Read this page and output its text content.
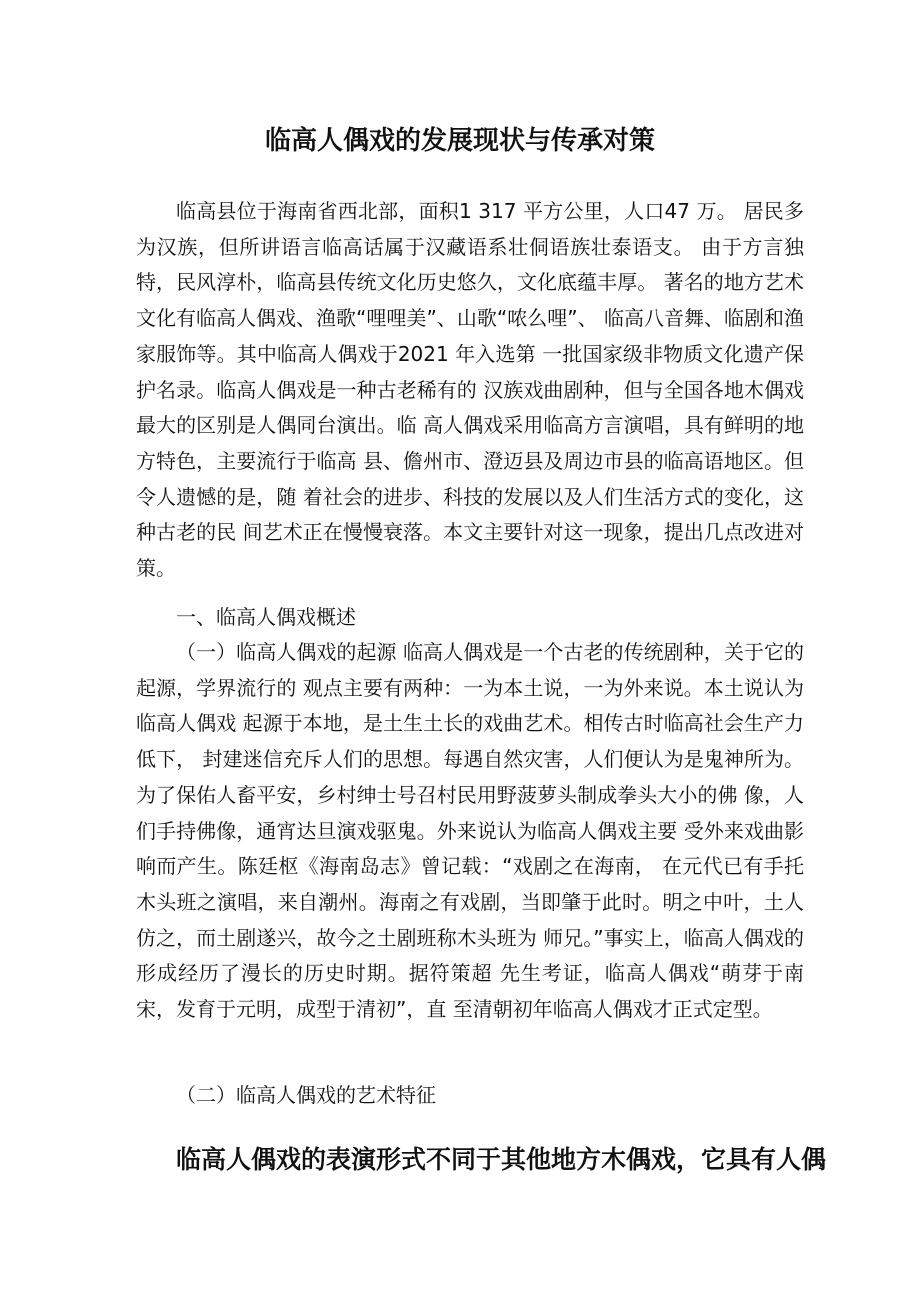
临高人偶戏的发展现状与传承对策

临高县位于海南省西北部，面积1 317 平方公里，人口47 万。 居民多为汉族，但所讲语言临高话属于汉藏语系壮侗语族壮泰语支。 由于方言独特，民风淳朴，临高县传统文化历史悠久，文化底蕴丰厚。 著名的地方艺术文化有临高人偶戏、渔歌“哩哩美”、山歌“哝么哩”、 临高八音舞、临剧和渔家服饰等。其中临高人偶戏于2021 年入选第 一批国家级非物质文化遗产保护名录。临高人偶戏是一种古老稀有的 汉族戏曲剧种，但与全国各地木偶戏最大的区别是人偶同台演出。临 高人偶戏采用临高方言演唱，具有鲜明的地方特色，主要流行于临高 县、儋州市、澄迈县及周边市县的临高语地区。但令人遗憾的是，随 着社会的进步、科技的发展以及人们生活方式的变化，这种古老的民 间艺术正在慢慢衰落。本文主要针对这一现象，提出几点改进对策。

一、临高人偶戏概述

（一）临高人偶戏的起源 临高人偶戏是一个古老的传统剧种，关于它的起源，学界流行的 观点主要有两种：一为本土说，一为外来说。本土说认为临高人偶戏 起源于本地，是土生土长的戏曲艺术。相传古时临高社会生产力低下， 封建迷信充斥人们的思想。每遇自然灾害，人们便认为是鬼神所为。 为了保佑人畜平安，乡村绅士号召村民用野菠萝头制成拳头大小的佛 像，人们手持佛像，通宵达旦演戏驱鬼。外来说认为临高人偶戏主要 受外来戏曲影响而产生。陈廷枢《海南岛志》曾记载：“戏剧之在海南， 在元代已有手托木头班之演唱，来自潮州。海南之有戏剧，当即肇于此时。明之中叶，土人仿之，而土剧遂兴，故今之土剧班称木头班为 师兄。”事实上，临高人偶戏的形成经历了漫长的历史时期。据符策超 先生考证，临高人偶戏“萌芽于南宋，发育于元明，成型于清初”，直 至清朝初年临高人偶戏才正式定型。

（二）临高人偶戏的艺术特征

临高人偶戏的表演形式不同于其他地方木偶戏，它具有人偶
